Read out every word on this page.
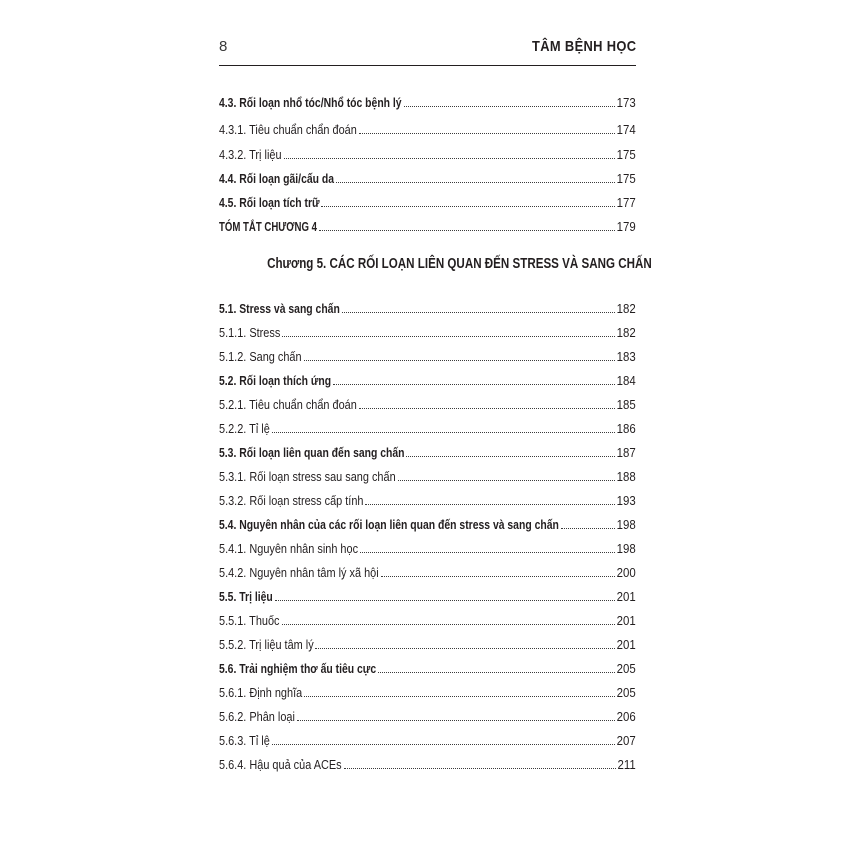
8	TÂM BỆNH HỌC
4.3. Rối loạn nhổ tóc/Nhổ tóc bệnh lý	173
4.3.1. Tiêu chuẩn chẩn đoán	174
4.3.2. Trị liệu	175
4.4. Rối loạn gãi/cấu da	175
4.5. Rối loạn tích trữ	177
TÓM TẮT CHƯƠNG 4	179
Chương 5. CÁC RỐI LOẠN LIÊN QUAN ĐẾN STRESS VÀ SANG CHẤN
5.1. Stress và sang chấn	182
5.1.1. Stress	182
5.1.2. Sang chấn	183
5.2. Rối loạn thích ứng	184
5.2.1. Tiêu chuẩn chẩn đoán	185
5.2.2. Tỉ lệ	186
5.3. Rối loạn liên quan đến sang chấn	187
5.3.1. Rối loạn stress sau sang chấn	188
5.3.2. Rối loạn stress cấp tính	193
5.4. Nguyên nhân của các rối loạn liên quan đến stress và sang chấn	198
5.4.1. Nguyên nhân sinh học	198
5.4.2. Nguyên nhân tâm lý xã hội	200
5.5. Trị liệu	201
5.5.1. Thuốc	201
5.5.2. Trị liệu tâm lý	201
5.6. Trải nghiệm thơ ấu tiêu cực	205
5.6.1. Định nghĩa	205
5.6.2. Phân loại	206
5.6.3. Tỉ lệ	207
5.6.4. Hậu quả của ACEs	211
